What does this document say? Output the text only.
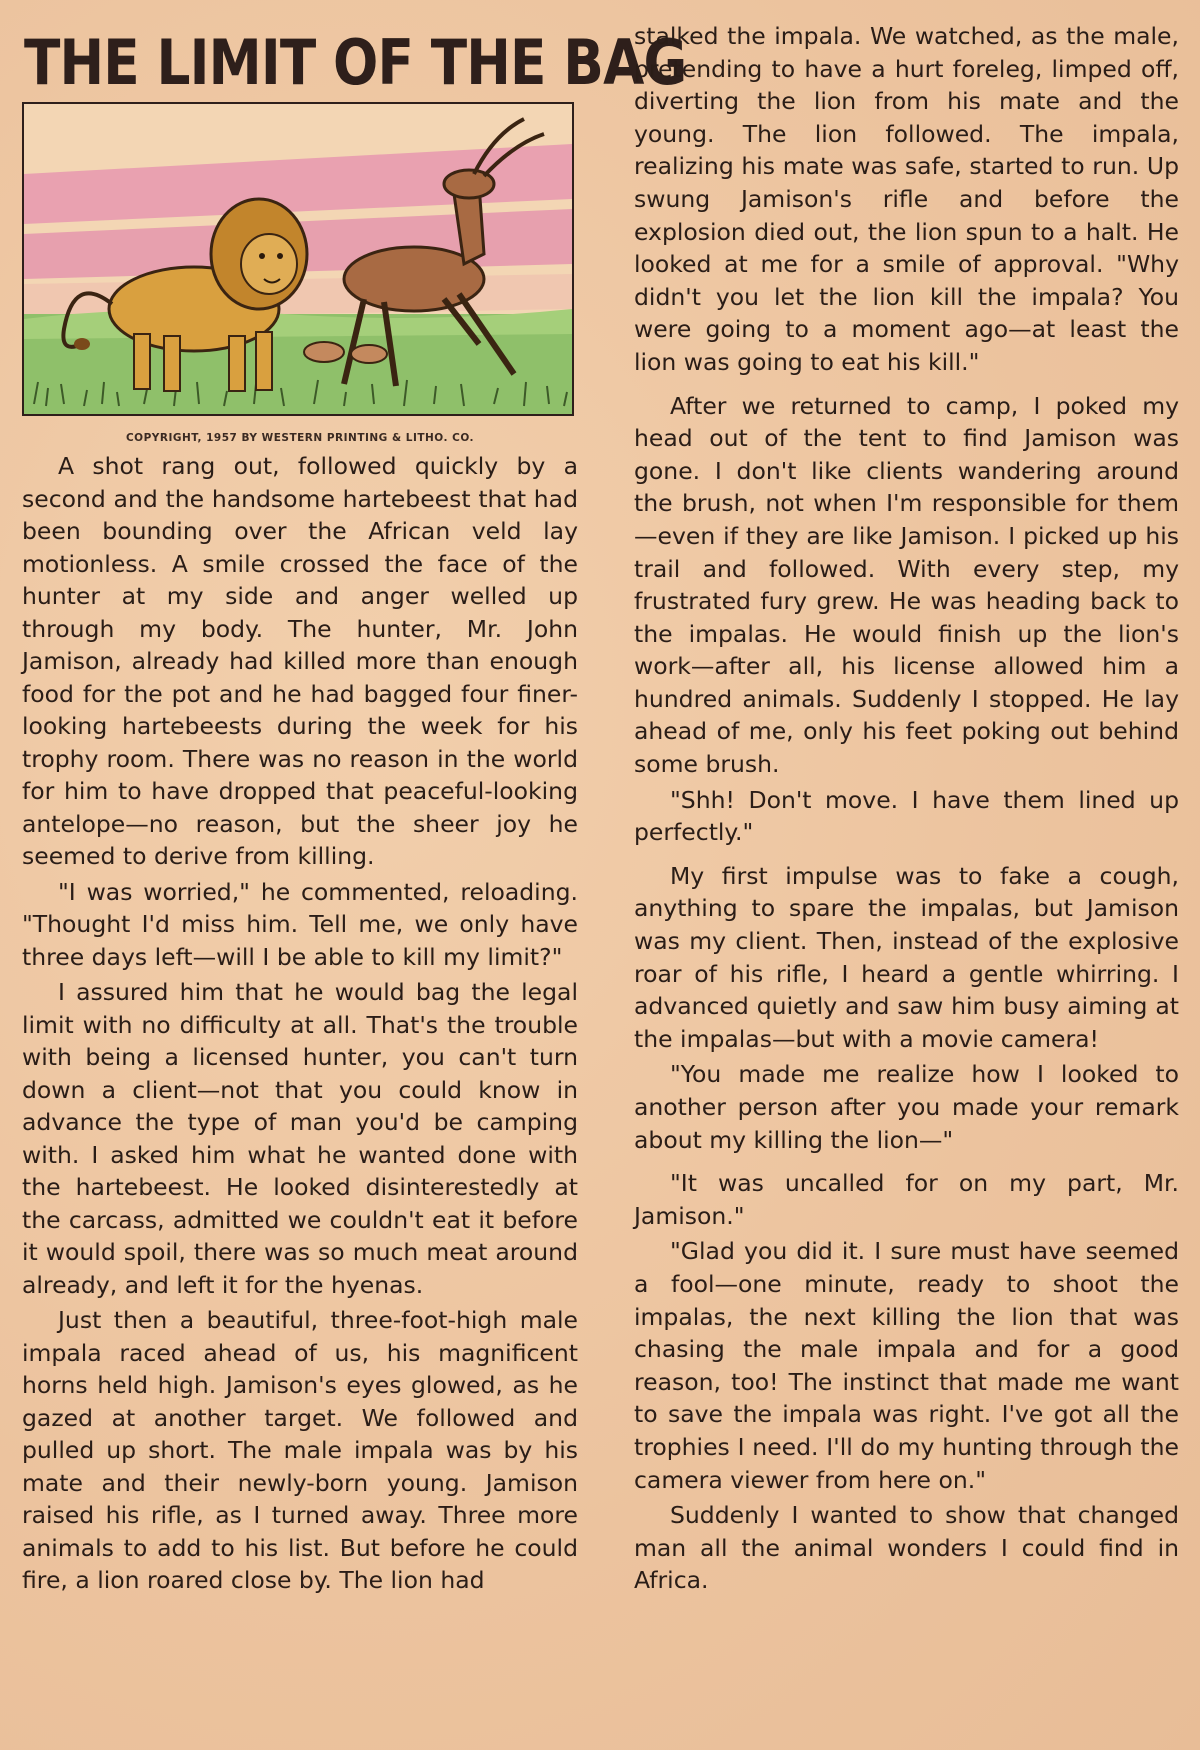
THE LIMIT OF THE BAG
COPYRIGHT, 1957 BY WESTERN PRINTING & LITHO. CO.
A shot rang out, followed quickly by a second and the handsome hartebeest that had been bounding over the African veld lay motionless. A smile crossed the face of the hunter at my side and anger welled up through my body. The hunter, Mr. John Jamison, already had killed more than enough food for the pot and he had bagged four finer-looking hartebeests during the week for his trophy room. There was no reason in the world for him to have dropped that peaceful-looking antelope—no reason, but the sheer joy he seemed to derive from killing.
"I was worried," he commented, reloading. "Thought I'd miss him. Tell me, we only have three days left—will I be able to kill my limit?"
I assured him that he would bag the legal limit with no difficulty at all. That's the trouble with being a licensed hunter, you can't turn down a client—not that you could know in advance the type of man you'd be camping with. I asked him what he wanted done with the hartebeest. He looked disinterestedly at the carcass, admitted we couldn't eat it before it would spoil, there was so much meat around already, and left it for the hyenas.
Just then a beautiful, three-foot-high male impala raced ahead of us, his magnificent horns held high. Jamison's eyes glowed, as he gazed at another target. We followed and pulled up short. The male impala was by his mate and their newly-born young. Jamison raised his rifle, as I turned away. Three more animals to add to his list. But before he could fire, a lion roared close by. The lion had
stalked the impala. We watched, as the male, pretending to have a hurt foreleg, limped off, diverting the lion from his mate and the young. The lion followed. The impala, realizing his mate was safe, started to run. Up swung Jamison's rifle and before the explosion died out, the lion spun to a halt. He looked at me for a smile of approval. "Why didn't you let the lion kill the impala? You were going to a moment ago—at least the lion was going to eat his kill."
After we returned to camp, I poked my head out of the tent to find Jamison was gone. I don't like clients wandering around the brush, not when I'm responsible for them—even if they are like Jamison. I picked up his trail and followed. With every step, my frustrated fury grew. He was heading back to the impalas. He would finish up the lion's work—after all, his license allowed him a hundred animals. Suddenly I stopped. He lay ahead of me, only his feet poking out behind some brush.
"Shh! Don't move. I have them lined up perfectly."
My first impulse was to fake a cough, anything to spare the impalas, but Jamison was my client. Then, instead of the explosive roar of his rifle, I heard a gentle whirring. I advanced quietly and saw him busy aiming at the impalas—but with a movie camera!
"You made me realize how I looked to another person after you made your remark about my killing the lion—"
"It was uncalled for on my part, Mr. Jamison."
"Glad you did it. I sure must have seemed a fool—one minute, ready to shoot the impalas, the next killing the lion that was chasing the male impala and for a good reason, too! The instinct that made me want to save the impala was right. I've got all the trophies I need. I'll do my hunting through the camera viewer from here on."
Suddenly I wanted to show that changed man all the animal wonders I could find in Africa.
